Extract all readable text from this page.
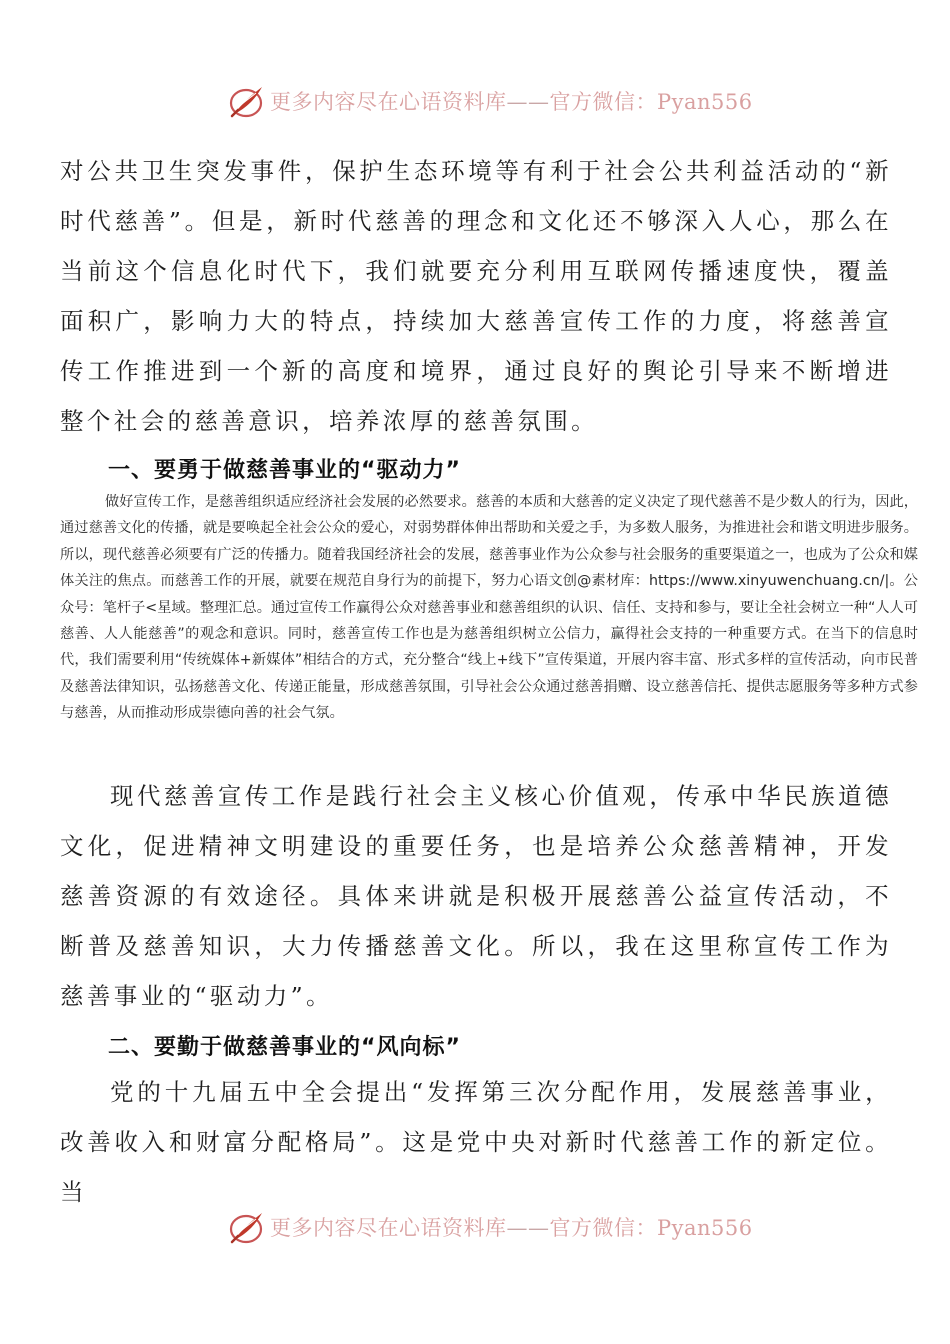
更多内容尽在心语资料库——官方微信：Pyan556

对公共卫生突发事件，保护生态环境等有利于社会公共利益活动的“新时代慈善”。但是，新时代慈善的理念和文化还不够深入人心，那么在当前这个信息化时代下，我们就要充分利用互联网传播速度快，覆盖面积广，影响力大的特点，持续加大慈善宣传工作的力度，将慈善宣传工作推进到一个新的高度和境界，通过良好的舆论引导来不断增进整个社会的慈善意识，培养浓厚的慈善氛围。

一、要勇于做慈善事业的“驱动力”

做好宣传工作，是慈善组织适应经济社会发展的必然要求。慈善的本质和大慈善的定义决定了现代慈善不是少数人的行为，因此，通过慈善文化的传播，就是要唤起全社会公众的爱心，对弱势群体伸出帮助和关爱之手，为多数人服务，为推进社会和谐文明进步服务。所以，现代慈善必须要有广泛的传播力。随着我国经济社会的发展，慈善事业作为公众参与社会服务的重要渠道之一，也成为了公众和媒体关注的焦点。而慈善工作的开展，就要在规范自身行为的前提下，努力心语文创@素材库：https://www.xinyuwenchuang.cn/|。公众号：笔杆子<星域。整理汇总。通过宣传工作赢得公众对慈善事业和慈善组织的认识、信任、支持和参与，要让全社会树立一种“人人可慈善、人人能慈善”的观念和意识。同时，慈善宣传工作也是为慈善组织树立公信力，赢得社会支持的一种重要方式。在当下的信息时代，我们需要利用“传统媒体+新媒体”相结合的方式，充分整合“线上+线下”宣传渠道，开展内容丰富、形式多样的宣传活动，向市民普及慈善法律知识，弘扬慈善文化、传递正能量，形成慈善氛围，引导社会公众通过慈善捐赠、设立慈善信托、提供志愿服务等多种方式参与慈善，从而推动形成崇德向善的社会气氛。

现代慈善宣传工作是践行社会主义核心价值观，传承中华民族道德文化，促进精神文明建设的重要任务，也是培养公众慈善精神，开发慈善资源的有效途径。具体来讲就是积极开展慈善公益宣传活动，不断普及慈善知识，大力传播慈善文化。所以，我在这里称宣传工作为慈善事业的“驱动力”。

二、要勤于做慈善事业的“风向标”

党的十九届五中全会提出“发挥第三次分配作用，发展慈善事业，改善收入和财富分配格局”。这是党中央对新时代慈善工作的新定位。当

更多内容尽在心语资料库——官方微信：Pyan556
